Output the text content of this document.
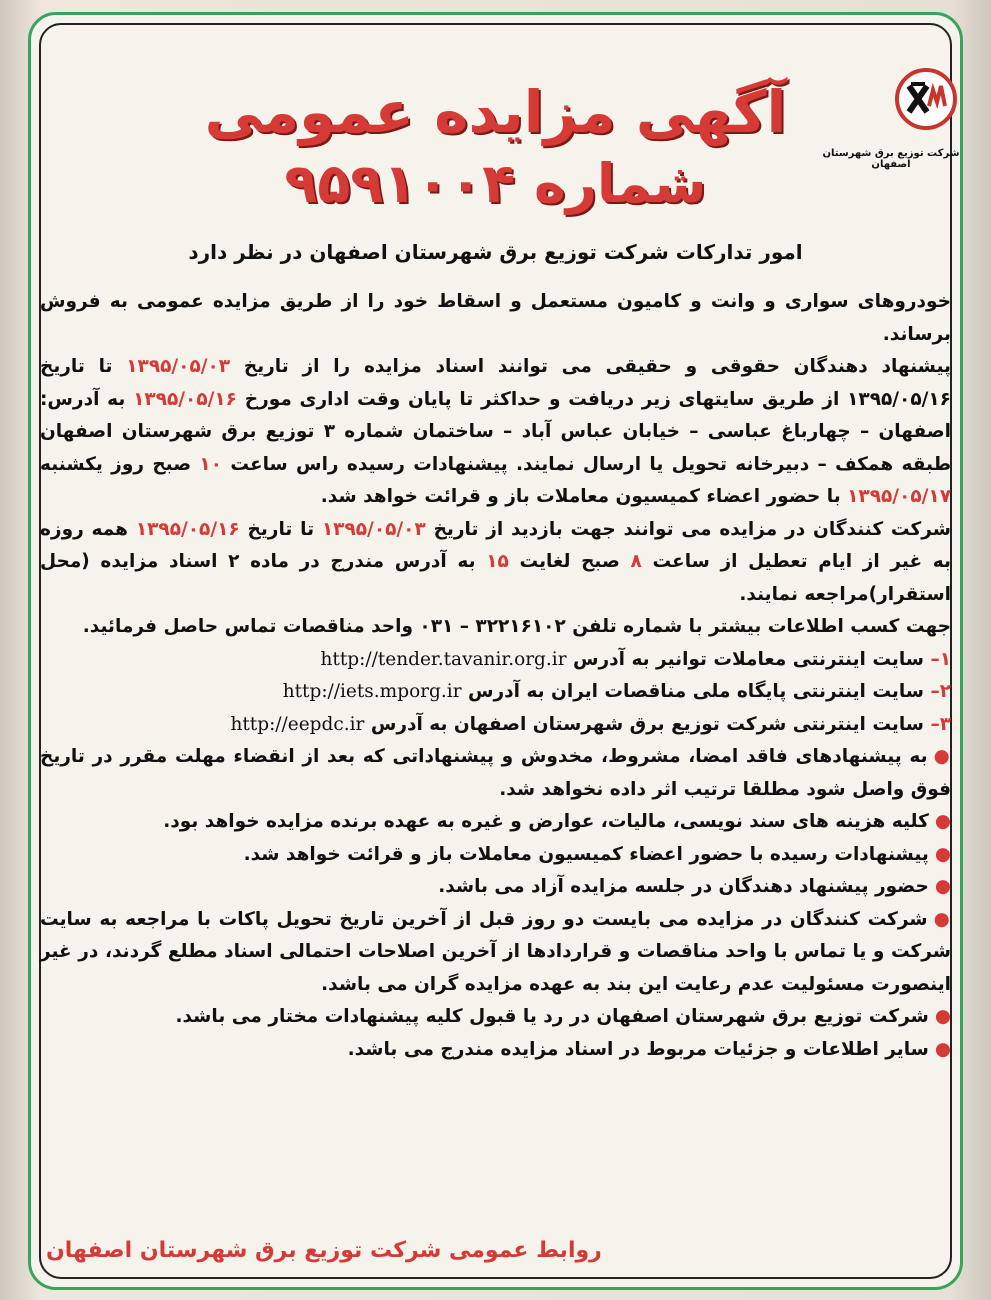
شرکت توزیع برق شهرستان اصفهان
آگهی مزایده عمومی
شماره ۹۵۹۱۰۰۴
امور تدارکات شرکت توزیع برق شهرستان اصفهان در نظر دارد

خودروهای سواری و وانت و کامیون مستعمل و اسقاط خود را از طریق مزایده عمومی به فروش برساند.

پیشنهاد دهندگان حقوقی و حقیقی می توانند اسناد مزایده را از تاریخ ۱۳۹۵/۰۵/۰۳ تا تاریخ ۱۳۹۵/۰۵/۱۶ از طریق سایتهای زیر دریافت و حداکثر تا پایان وقت اداری مورخ ۱۳۹۵/۰۵/۱۶ به آدرس: اصفهان – چهارباغ عباسی – خیابان عباس آباد – ساختمان شماره ۳ توزیع برق شهرستان اصفهان طبقه همکف – دبیرخانه تحویل یا ارسال نمایند. پیشنهادات رسیده راس ساعت ۱۰ صبح روز یکشنبه ۱۳۹۵/۰۵/۱۷ با حضور اعضاء کمیسیون معاملات باز و قرائت خواهد شد.

شرکت کنندگان در مزایده می توانند جهت بازدید از تاریخ ۱۳۹۵/۰۵/۰۳ تا تاریخ ۱۳۹۵/۰۵/۱۶ همه روزه به غیر از ایام تعطیل از ساعت ۸ صبح لغایت ۱۵ به آدرس مندرج در ماده ۲ اسناد مزایده (محل استقرار)مراجعه نمایند.

جهت کسب اطلاعات بیشتر با شماره تلفن ۳۲۲۱۶۱۰۲ – ۰۳۱ واحد مناقصات تماس حاصل فرمائید.

۱– سایت اینترنتی معاملات توانیر به آدرس http://tender.tavanir.org.ir

۲– سایت اینترنتی پایگاه ملی مناقصات ایران به آدرس http://iets.mporg.ir

۳– سایت اینترنتی شرکت توزیع برق شهرستان اصفهان به آدرس http://eepdc.ir

●به پیشنهادهای فاقد امضا، مشروط، مخدوش و پیشنهاداتی که بعد از انقضاء مهلت مقرر در تاریخ فوق واصل شود مطلقا ترتیب اثر داده نخواهد شد.

●کلیه هزینه های سند نویسی، مالیات، عوارض و غیره به عهده برنده مزایده خواهد بود.

●پیشنهادات رسیده با حضور اعضاء کمیسیون معاملات باز و قرائت خواهد شد.

●حضور پیشنهاد دهندگان در جلسه مزایده آزاد می باشد.

●شرکت کنندگان در مزایده می بایست دو روز قبل از آخرین تاریخ تحویل پاکات با مراجعه به سایت شرکت و یا تماس با واحد مناقصات و قراردادها از آخرین اصلاحات احتمالی اسناد مطلع گردند، در غیر اینصورت مسئولیت عدم رعایت این بند به عهده مزایده گران می باشد.

●شرکت توزیع برق شهرستان اصفهان در رد یا قبول کلیه پیشنهادات مختار می باشد.

●سایر اطلاعات و جزئیات مربوط در اسناد مزایده مندرج می باشد.

روابط عمومی شرکت توزیع برق شهرستان اصفهان
